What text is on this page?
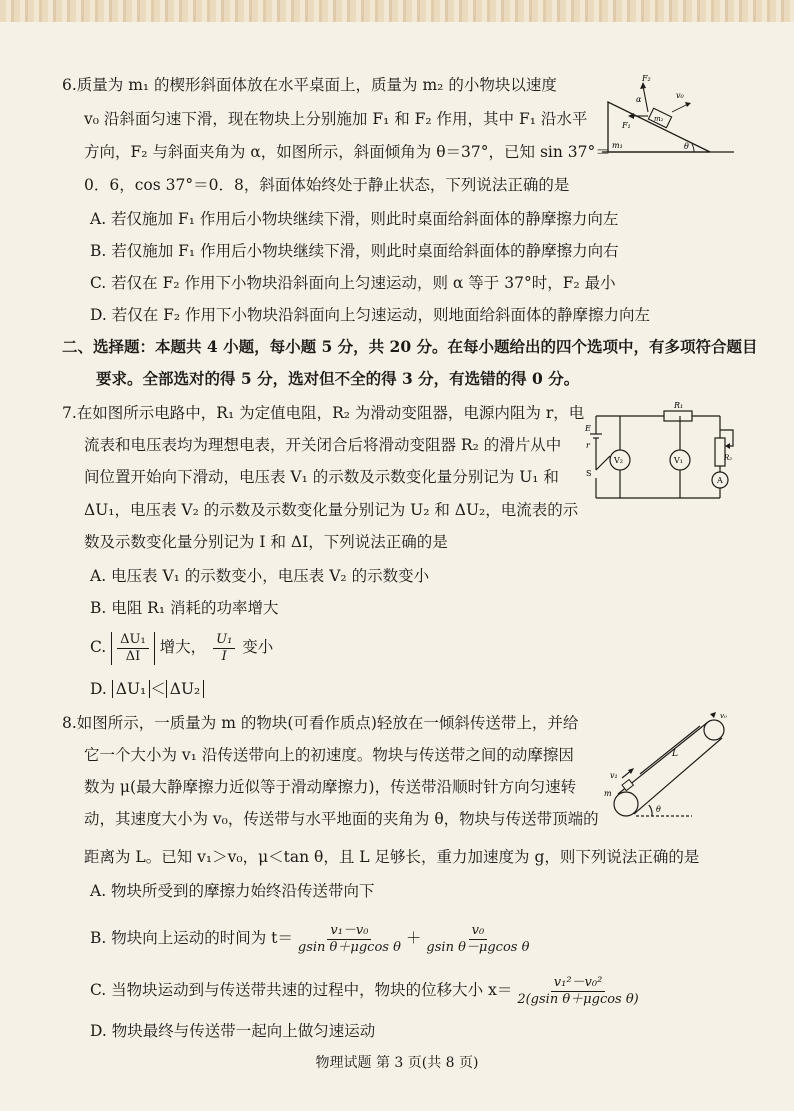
6.质量为 m₁ 的楔形斜面体放在水平桌面上，质量为 m₂ 的小物块以速度
v₀ 沿斜面匀速下滑，现在物块上分别施加 F₁ 和 F₂ 作用，其中 F₁ 沿水平
方向，F₂ 与斜面夹角为 α，如图所示，斜面倾角为 θ＝37°，已知 sin 37°＝
0．6，cos 37°＝0．8，斜面体始终处于静止状态，下列说法正确的是
A. 若仅施加 F₁ 作用后小物块继续下滑，则此时桌面给斜面体的静摩擦力向左
B. 若仅施加 F₁ 作用后小物块继续下滑，则此时桌面给斜面体的静摩擦力向右
C. 若仅在 F₂ 作用下小物块沿斜面向上匀速运动，则 α 等于 37°时，F₂ 最小
D. 若仅在 F₂ 作用下小物块沿斜面向上匀速运动，则地面给斜面体的静摩擦力向左
F₂
α	v₀
m₂
F₁
m₁	θ
二、选择题：本题共 4 小题，每小题 5 分，共 20 分。在每小题给出的四个选项中，有多项符合题目
要求。全部选对的得 5 分，选对但不全的得 3 分，有选错的得 0 分。
7.在如图所示电路中，R₁ 为定值电阻，R₂ 为滑动变阻器，电源内阻为 r，电
流表和电压表均为理想电表，开关闭合后将滑动变阻器 R₂ 的滑片从中
间位置开始向下滑动，电压表 V₁ 的示数及示数变化量分别记为 U₁ 和
ΔU₁，电压表 V₂ 的示数及示数变化量分别记为 U₂ 和 ΔU₂，电流表的示
数及示数变化量分别记为 I 和 ΔI，下列说法正确的是
A. 电压表 V₁ 的示数变小，电压表 V₂ 的示数变小
B. 电阻 R₁ 消耗的功率增大
C. $\frac{\text{ΔU₁}}{\Delta I}$ 增大， $\frac{\text{U₁}}{I}$ 变小
D. ΔU₁ ＜ ΔU₂
R₁
E
r
S
V₂	V₁	R₂
A
8.如图所示，一质量为 m 的物块(可看作质点)轻放在一倾斜传送带上，并给
它一个大小为 v₁ 沿传送带向上的初速度。物块与传送带之间的动摩擦因
数为 μ(最大静摩擦力近似等于滑动摩擦力)，传送带沿顺时针方向匀速转
动，其速度大小为 v₀，传送带与水平地面的夹角为 θ，物块与传送带顶端的
距离为 L。已知 v₁＞v₀，μ＜tan θ，且 L 足够长，重力加速度为 g，则下列说法正确的是
A. 物块所受到的摩擦力始终沿传送带向下
B. 物块向上运动的时间为 $t= \frac{\text{v₁－v₀}}{\text{gsin θ＋μgcos θ}} + \frac{\text{v₀}}{\text{gsin θ－μgcos θ}}$
C. 当物块运动到与传送带共速的过程中，物块的位移大小 $x= \frac{\text{v₁²－v₀²}}{\text{2(gsin θ＋μgcos θ)}}$
D. 物块最终与传送带一起向上做匀速运动
v₀
v₁
L
m
θ
物理试题 第 3 页(共 8 页)
